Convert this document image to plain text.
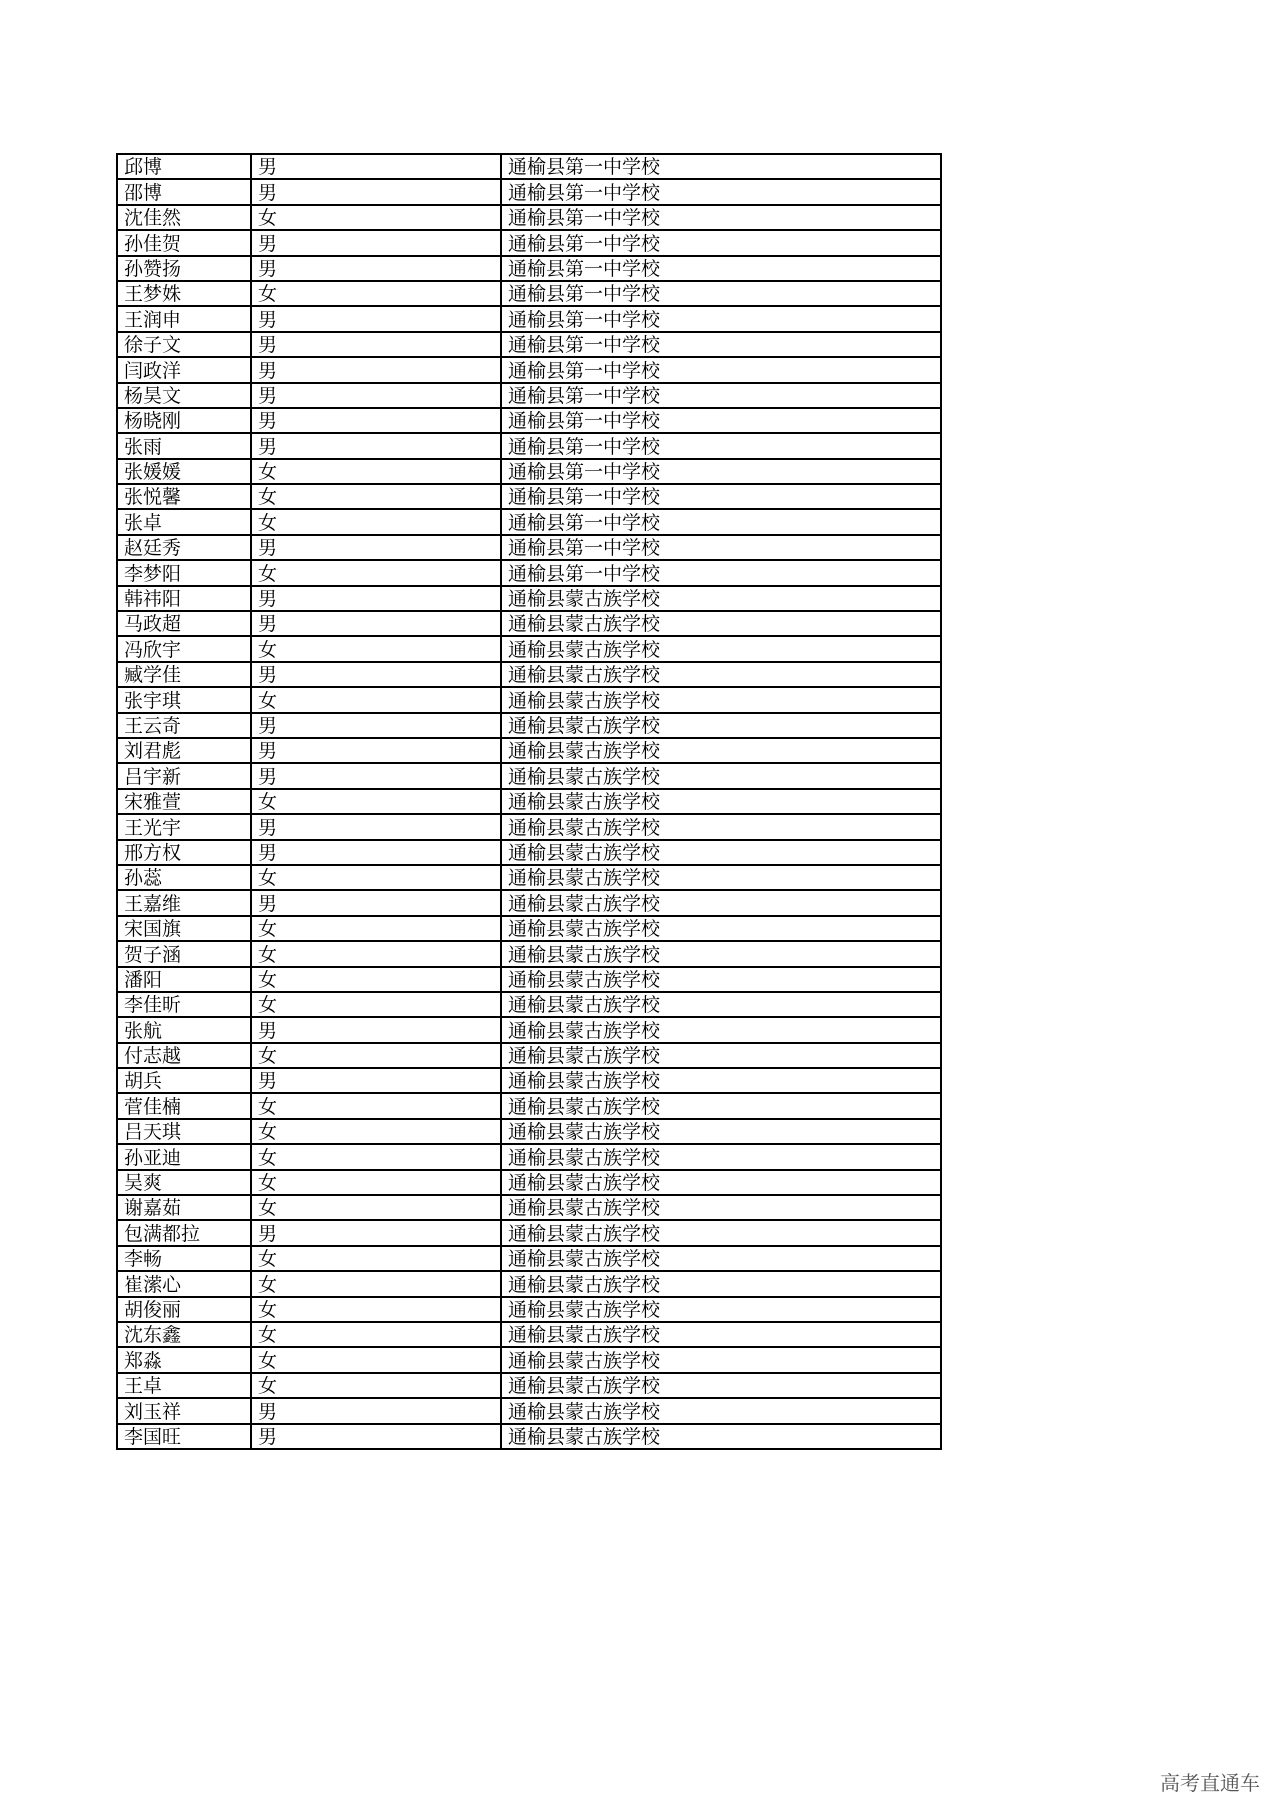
邱博	男	通榆县第一中学校
邵博	男	通榆县第一中学校
沈佳然	女	通榆县第一中学校
孙佳贺	男	通榆县第一中学校
孙赞扬	男	通榆县第一中学校
王梦姝	女	通榆县第一中学校
王润申	男	通榆县第一中学校
徐子文	男	通榆县第一中学校
闫政洋	男	通榆县第一中学校
杨昊文	男	通榆县第一中学校
杨晓刚	男	通榆县第一中学校
张雨	男	通榆县第一中学校
张媛媛	女	通榆县第一中学校
张悦馨	女	通榆县第一中学校
张卓	女	通榆县第一中学校
赵廷秀	男	通榆县第一中学校
李梦阳	女	通榆县第一中学校
韩祎阳	男	通榆县蒙古族学校
马政超	男	通榆县蒙古族学校
冯欣宇	女	通榆县蒙古族学校
臧学佳	男	通榆县蒙古族学校
张宇琪	女	通榆县蒙古族学校
王云奇	男	通榆县蒙古族学校
刘君彪	男	通榆县蒙古族学校
吕宇新	男	通榆县蒙古族学校
宋雅萱	女	通榆县蒙古族学校
王光宇	男	通榆县蒙古族学校
邢方权	男	通榆县蒙古族学校
孙蕊	女	通榆县蒙古族学校
王嘉维	男	通榆县蒙古族学校
宋国旗	女	通榆县蒙古族学校
贺子涵	女	通榆县蒙古族学校
潘阳	女	通榆县蒙古族学校
李佳昕	女	通榆县蒙古族学校
张航	男	通榆县蒙古族学校
付志越	女	通榆县蒙古族学校
胡兵	男	通榆县蒙古族学校
菅佳楠	女	通榆县蒙古族学校
吕天琪	女	通榆县蒙古族学校
孙亚迪	女	通榆县蒙古族学校
吴爽	女	通榆县蒙古族学校
谢嘉茹	女	通榆县蒙古族学校
包满都拉	男	通榆县蒙古族学校
李畅	女	通榆县蒙古族学校
崔潆心	女	通榆县蒙古族学校
胡俊丽	女	通榆县蒙古族学校
沈东鑫	女	通榆县蒙古族学校
郑淼	女	通榆县蒙古族学校
王卓	女	通榆县蒙古族学校
刘玉祥	男	通榆县蒙古族学校
李国旺	男	通榆县蒙古族学校
高考直通车
